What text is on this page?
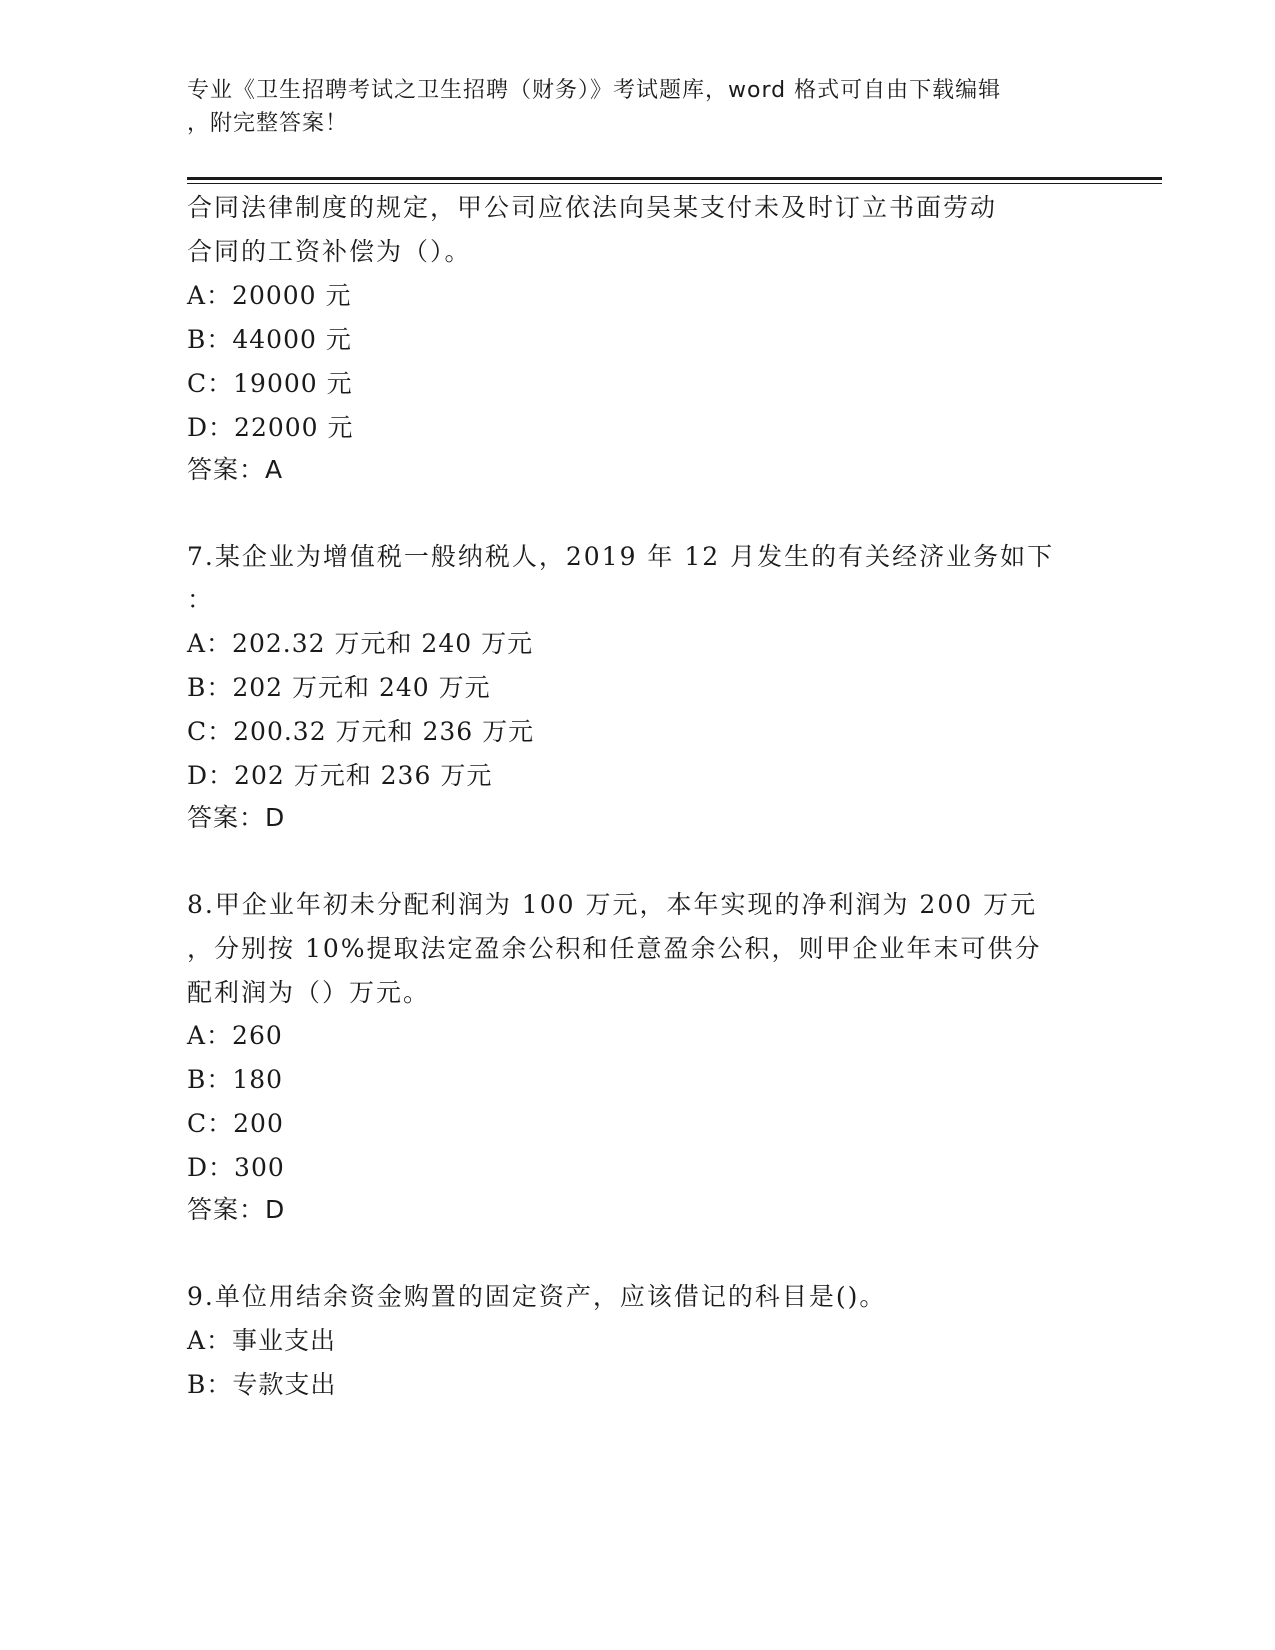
专业《卫生招聘考试之卫生招聘（财务）》考试题库，word 格式可自由下载编辑
，附完整答案！
合同法律制度的规定，甲公司应依法向吴某支付未及时订立书面劳动
合同的工资补偿为（）。
A：20000 元
B：44000 元
C：19000 元
D：22000 元
答案：A
7.某企业为增值税一般纳税人，2019 年 12 月发生的有关经济业务如下
：
A：202.32 万元和 240 万元
B：202 万元和 240 万元
C：200.32 万元和 236 万元
D：202 万元和 236 万元
答案：D
8.甲企业年初未分配利润为 100 万元，本年实现的净利润为 200 万元
，分别按 10%提取法定盈余公积和任意盈余公积，则甲企业年末可供分
配利润为（）万元。
A：260
B：180
C：200
D：300
答案：D
9.单位用结余资金购置的固定资产，应该借记的科目是()。
A：事业支出
B：专款支出
